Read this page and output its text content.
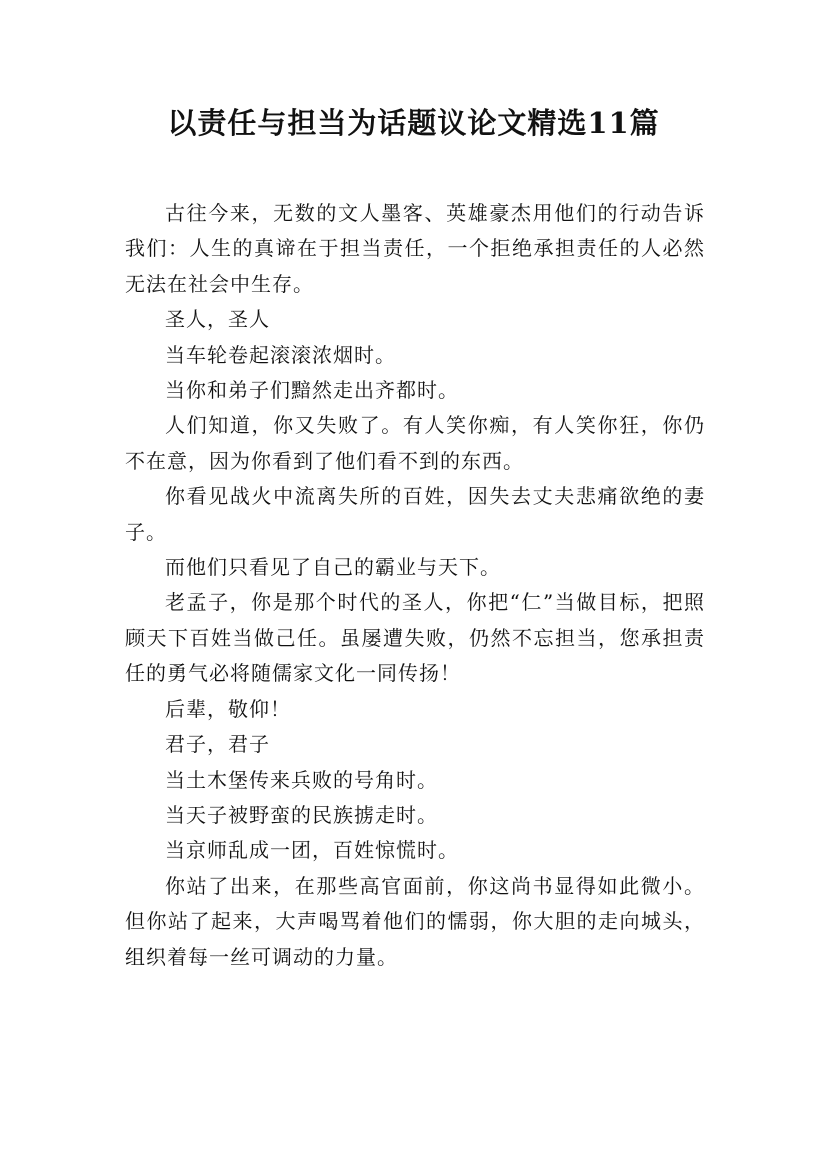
以责任与担当为话题议论文精选11篇

古往今来，无数的文人墨客、英雄豪杰用他们的行动告诉我们：人生的真谛在于担当责任，一个拒绝承担责任的人必然无法在社会中生存。

圣人，圣人

当车轮卷起滚滚浓烟时。

当你和弟子们黯然走出齐都时。

人们知道，你又失败了。有人笑你痴，有人笑你狂，你仍不在意，因为你看到了他们看不到的东西。

你看见战火中流离失所的百姓，因失去丈夫悲痛欲绝的妻子。

而他们只看见了自己的霸业与天下。

老孟子，你是那个时代的圣人，你把“仁”当做目标，把照顾天下百姓当做己任。虽屡遭失败，仍然不忘担当，您承担责任的勇气必将随儒家文化一同传扬！

后辈，敬仰！

君子，君子

当土木堡传来兵败的号角时。

当天子被野蛮的民族掳走时。

当京师乱成一团，百姓惊慌时。

你站了出来，在那些高官面前，你这尚书显得如此微小。但你站了起来，大声喝骂着他们的懦弱，你大胆的走向城头，组织着每一丝可调动的力量。
